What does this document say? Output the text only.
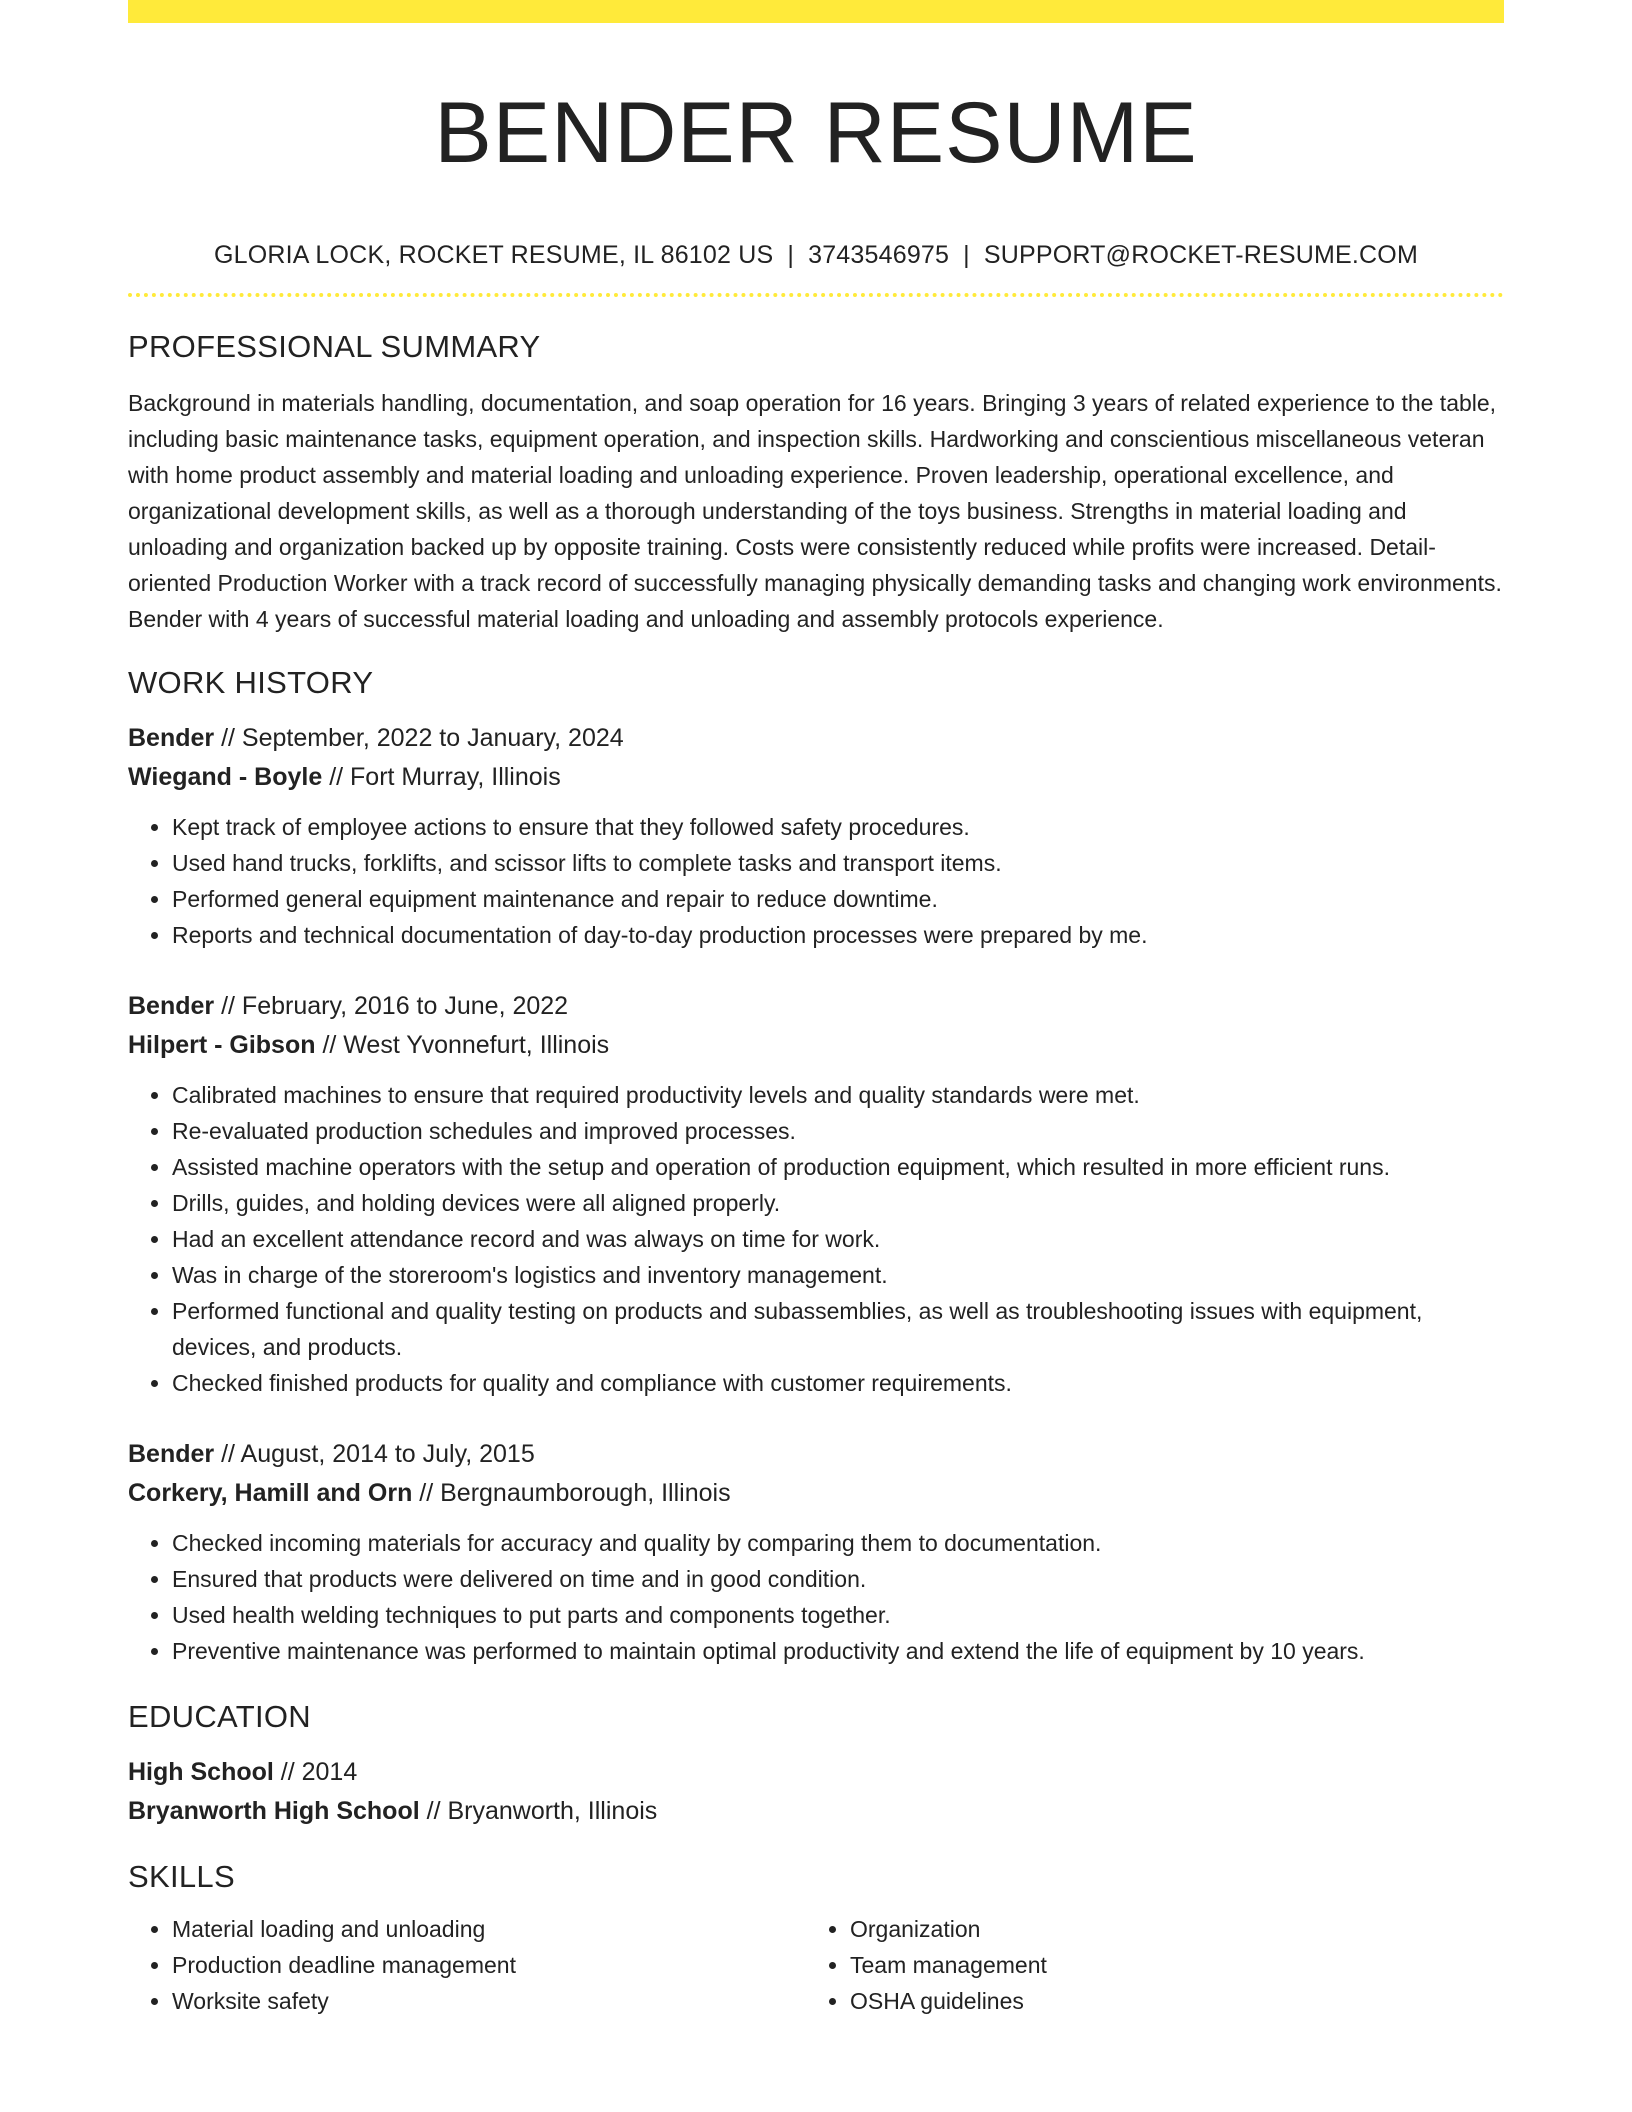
BENDER RESUME
GLORIA LOCK, ROCKET RESUME, IL 86102 US | 3743546975 | SUPPORT@ROCKET-RESUME.COM
PROFESSIONAL SUMMARY
Background in materials handling, documentation, and soap operation for 16 years. Bringing 3 years of related experience to the table, including basic maintenance tasks, equipment operation, and inspection skills. Hardworking and conscientious miscellaneous veteran with home product assembly and material loading and unloading experience. Proven leadership, operational excellence, and organizational development skills, as well as a thorough understanding of the toys business. Strengths in material loading and unloading and organization backed up by opposite training. Costs were consistently reduced while profits were increased. Detail-oriented Production Worker with a track record of successfully managing physically demanding tasks and changing work environments. Bender with 4 years of successful material loading and unloading and assembly protocols experience.
WORK HISTORY
Bender // September, 2022 to January, 2024
Wiegand - Boyle // Fort Murray, Illinois
• Kept track of employee actions to ensure that they followed safety procedures.
• Used hand trucks, forklifts, and scissor lifts to complete tasks and transport items.
• Performed general equipment maintenance and repair to reduce downtime.
• Reports and technical documentation of day-to-day production processes were prepared by me.
Bender // February, 2016 to June, 2022
Hilpert - Gibson // West Yvonnefurt, Illinois
• Calibrated machines to ensure that required productivity levels and quality standards were met.
• Re-evaluated production schedules and improved processes.
• Assisted machine operators with the setup and operation of production equipment, which resulted in more efficient runs.
• Drills, guides, and holding devices were all aligned properly.
• Had an excellent attendance record and was always on time for work.
• Was in charge of the storeroom's logistics and inventory management.
• Performed functional and quality testing on products and subassemblies, as well as troubleshooting issues with equipment, devices, and products.
• Checked finished products for quality and compliance with customer requirements.
Bender // August, 2014 to July, 2015
Corkery, Hamill and Orn // Bergnaumborough, Illinois
• Checked incoming materials for accuracy and quality by comparing them to documentation.
• Ensured that products were delivered on time and in good condition.
• Used health welding techniques to put parts and components together.
• Preventive maintenance was performed to maintain optimal productivity and extend the life of equipment by 10 years.
EDUCATION
High School // 2014
Bryanworth High School // Bryanworth, Illinois
SKILLS
• Material loading and unloading
• Production deadline management
• Worksite safety
• Organization
• Team management
• OSHA guidelines
